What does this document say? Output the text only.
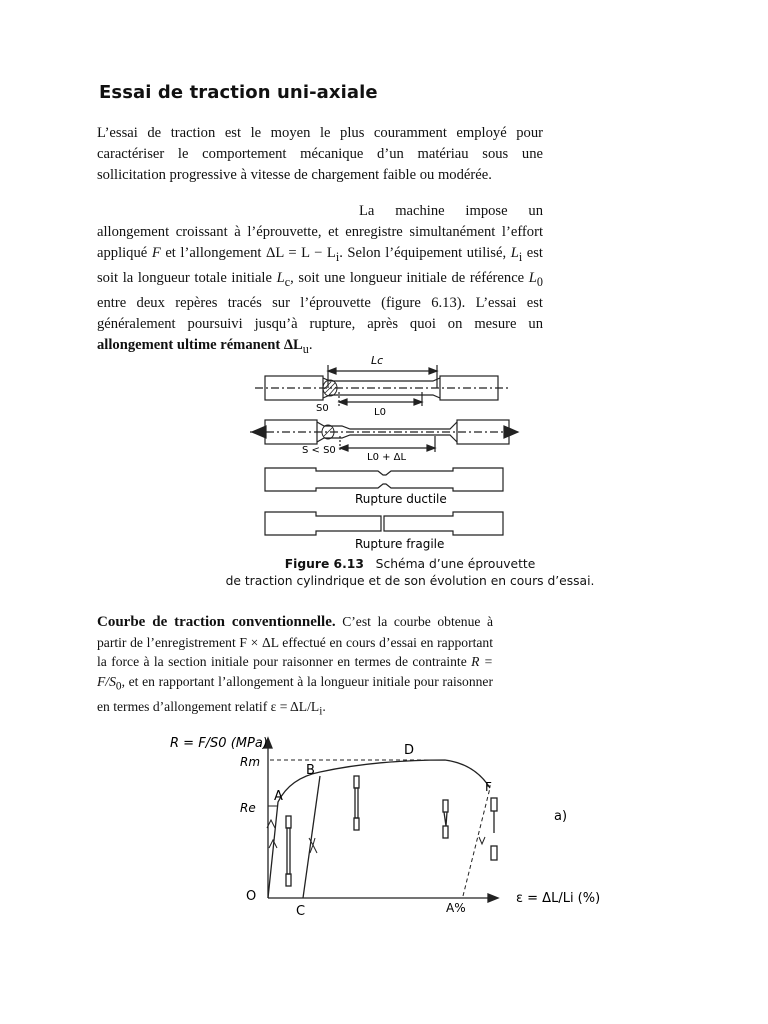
Essai de traction uni-axiale
L’essai de traction est le moyen le plus couramment employé pour caractériser le comportement mécanique d’un matériau sous une sollicitation progressive à vitesse de chargement faible ou modérée.
La machine impose un allongement croissant à l’éprouvette, et enregistre simultanément l’effort appliqué F et l’allongement $\Delta L = L - L_i$. Selon l’équipement utilisé, $L_i$ est soit la longueur totale initiale $L_c$, soit une longueur initiale de référence $L_0$ entre deux repères tracés sur l’éprouvette (figure 6.13). L’essai est généralement poursuivi jusqu’à rupture, après quoi on mesure un allongement ultime rémanent $\Delta L_u$.
Lc
S0	L0
S < S0
L0 + ΔL
Rupture ductile
Rupture fragile
Figure 6.13 Schéma d’une éprouvette
de traction cylindrique et de son évolution en cours d’essai.
Courbe de traction conventionnelle. C’est la courbe obtenue à partir de l’enregistrement F × ΔL effectué en cours d’essai en rapportant la force à la section initiale pour raisonner en termes de contrainte $R = F/S_0$, et en rapportant l’allongement à la longueur initiale pour raisonner en termes d’allongement relatif $\varepsilon = \Delta L/L_i$.
R = F/S0 (MPa)
Rm
Re
O
A
B
C
D
F
A%
ε = ΔL/Li (%)
a)
